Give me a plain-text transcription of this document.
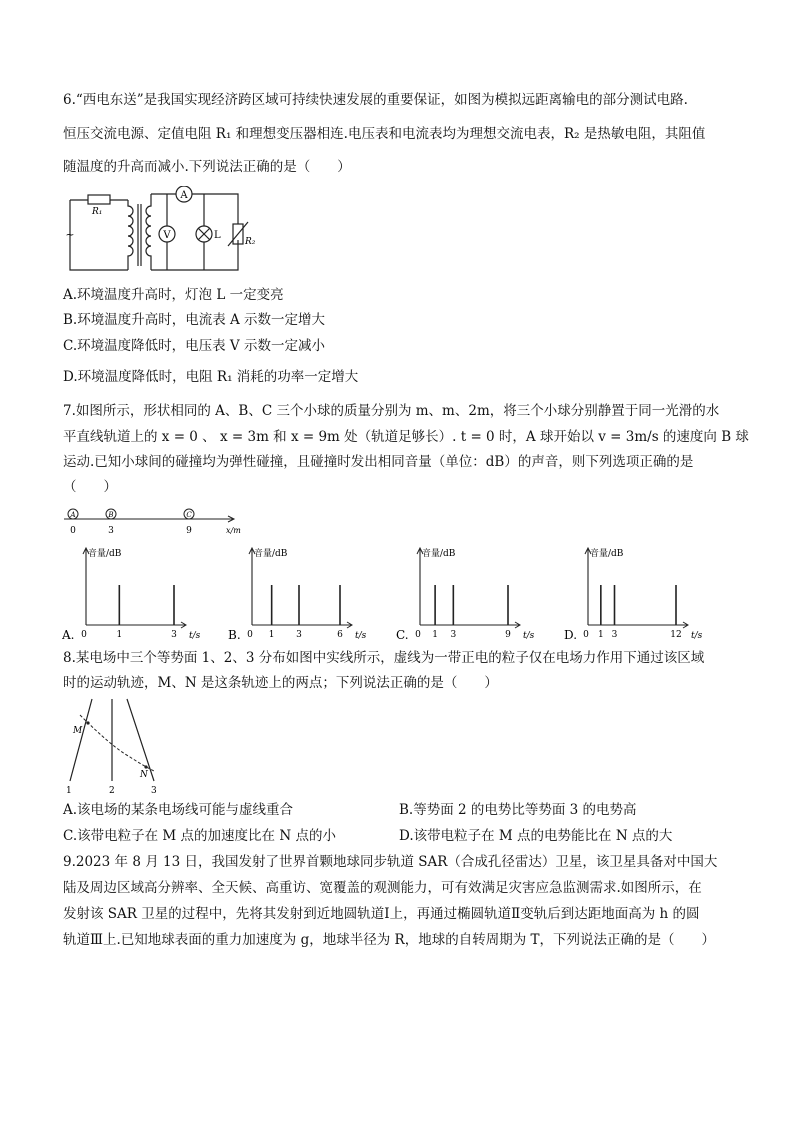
6.“西电东送”是我国实现经济跨区域可持续快速发展的重要保证，如图为模拟远距离输电的部分测试电路.
恒压交流电源、定值电阻 R₁ 和理想变压器相连.电压表和电流表均为理想交流电表，R₂ 是热敏电阻，其阻值
随温度的升高而减小.下列说法正确的是（　　）
~
R₁
A
V	L
R₂
A.环境温度升高时，灯泡 L 一定变亮
B.环境温度升高时，电流表 A 示数一定增大
C.环境温度降低时，电压表 V 示数一定减小
D.环境温度降低时，电阻 R₁ 消耗的功率一定增大
7.如图所示，形状相同的 A、B、C 三个小球的质量分别为 m、m、2m，将三个小球分别静置于同一光滑的水
平直线轨道上的 x = 0 、 x = 3m 和 x = 9m 处（轨道足够长）. t = 0 时，A 球开始以 v = 3m/s 的速度向 B 球
运动.已知小球间的碰撞均为弹性碰撞，且碰撞时发出相同音量（单位：dB）的声音，则下列选项正确的是
（　　）
A	B	C
0	3	9	x/m
音量/dB
t/s
0	1	3
A.
音量/dB
t/s
0 1 3	6
B.
音量/dB
t/s
0 1 3	9
C.
音量/dB
t/s
0 1 3	12
D.
8.某电场中三个等势面 1、2、3 分布如图中实线所示，虚线为一带正电的粒子仅在电场力作用下通过该区域
时的运动轨迹，M、N 是这条轨迹上的两点；下列说法正确的是（　　）
M
N
1	2	3
A.该电场的某条电场线可能与虚线重合	B.等势面 2 的电势比等势面 3 的电势高
C.该带电粒子在 M 点的加速度比在 N 点的小	D.该带电粒子在 M 点的电势能比在 N 点的大
9.2023 年 8 月 13 日，我国发射了世界首颗地球同步轨道 SAR（合成孔径雷达）卫星，该卫星具备对中国大
陆及周边区域高分辨率、全天候、高重访、宽覆盖的观测能力，可有效满足灾害应急监测需求.如图所示，在
发射该 SAR 卫星的过程中，先将其发射到近地圆轨道Ⅰ上，再通过椭圆轨道Ⅱ变轨后到达距地面高为 h 的圆
轨道Ⅲ上.已知地球表面的重力加速度为 g，地球半径为 R，地球的自转周期为 T，下列说法正确的是（　　）
